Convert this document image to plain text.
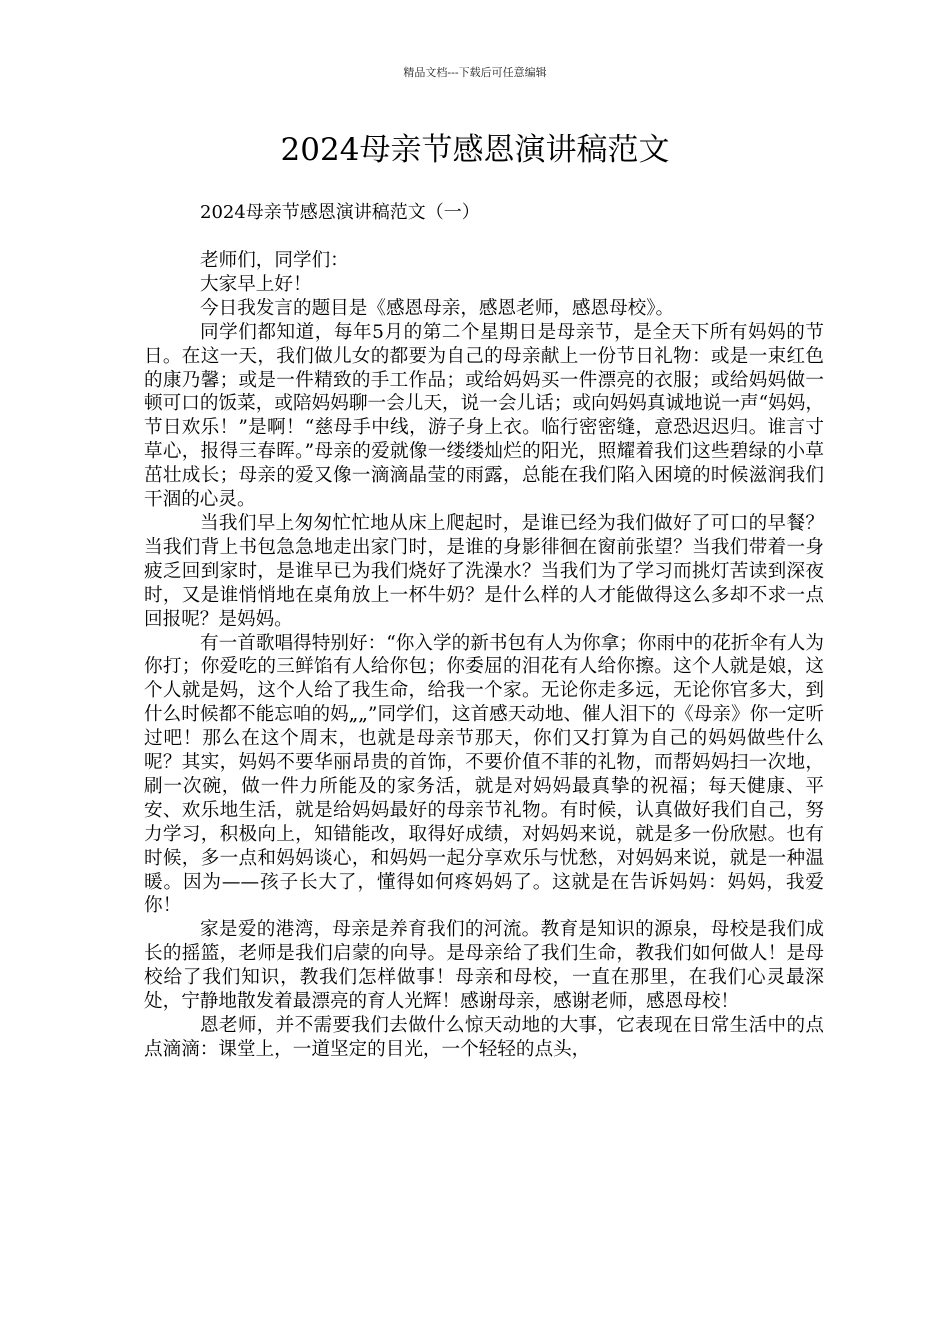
精品文档---下载后可任意编辑
2024母亲节感恩演讲稿范文
2024母亲节感恩演讲稿范文（一）

老师们，同学们：

大家早上好！

今日我发言的题目是《感恩母亲，感恩老师，感恩母校》。

同学们都知道，每年5月的第二个星期日是母亲节，是全天下所有妈妈的节日。在这一天，我们做儿女的都要为自己的母亲献上一份节日礼物：或是一束红色的康乃馨；或是一件精致的手工作品；或给妈妈买一件漂亮的衣服；或给妈妈做一顿可口的饭菜，或陪妈妈聊一会儿天，说一会儿话；或向妈妈真诚地说一声“妈妈，节日欢乐！”是啊！“慈母手中线，游子身上衣。临行密密缝，意恐迟迟归。谁言寸草心，报得三春晖。”母亲的爱就像一缕缕灿烂的阳光，照耀着我们这些碧绿的小草茁壮成长；母亲的爱又像一滴滴晶莹的雨露，总能在我们陷入困境的时候滋润我们干涸的心灵。

当我们早上匆匆忙忙地从床上爬起时，是谁已经为我们做好了可口的早餐？当我们背上书包急急地走出家门时，是谁的身影徘徊在窗前张望？当我们带着一身疲乏回到家时，是谁早已为我们烧好了洗澡水？当我们为了学习而挑灯苦读到深夜时，又是谁悄悄地在桌角放上一杯牛奶？是什么样的人才能做得这么多却不求一点回报呢？是妈妈。

有一首歌唱得特别好：“你入学的新书包有人为你拿；你雨中的花折伞有人为你打；你爱吃的三鲜馅有人给你包；你委屈的泪花有人给你擦。这个人就是娘，这个人就是妈，这个人给了我生命，给我一个家。无论你走多远，无论你官多大，到什么时候都不能忘咱的妈„„”同学们，这首感天动地、催人泪下的《母亲》你一定听过吧！那么在这个周末，也就是母亲节那天，你们又打算为自己的妈妈做些什么呢？其实，妈妈不要华丽昂贵的首饰，不要价值不菲的礼物，而帮妈妈扫一次地，刷一次碗，做一件力所能及的家务活，就是对妈妈最真挚的祝福；每天健康、平安、欢乐地生活，就是给妈妈最好的母亲节礼物。有时候，认真做好我们自己，努力学习，积极向上，知错能改，取得好成绩，对妈妈来说，就是多一份欣慰。也有时候，多一点和妈妈谈心，和妈妈一起分享欢乐与忧愁，对妈妈来说，就是一种温暖。因为——孩子长大了，懂得如何疼妈妈了。这就是在告诉妈妈：妈妈，我爱你！

家是爱的港湾，母亲是养育我们的河流。教育是知识的源泉，母校是我们成长的摇篮，老师是我们启蒙的向导。是母亲给了我们生命，教我们如何做人！是母校给了我们知识，教我们怎样做事！母亲和母校，一直在那里，在我们心灵最深处，宁静地散发着最漂亮的育人光辉！感谢母亲，感谢老师，感恩母校！

恩老师，并不需要我们去做什么惊天动地的大事，它表现在日常生活中的点点滴滴：课堂上，一道坚定的目光，一个轻轻的点头，
